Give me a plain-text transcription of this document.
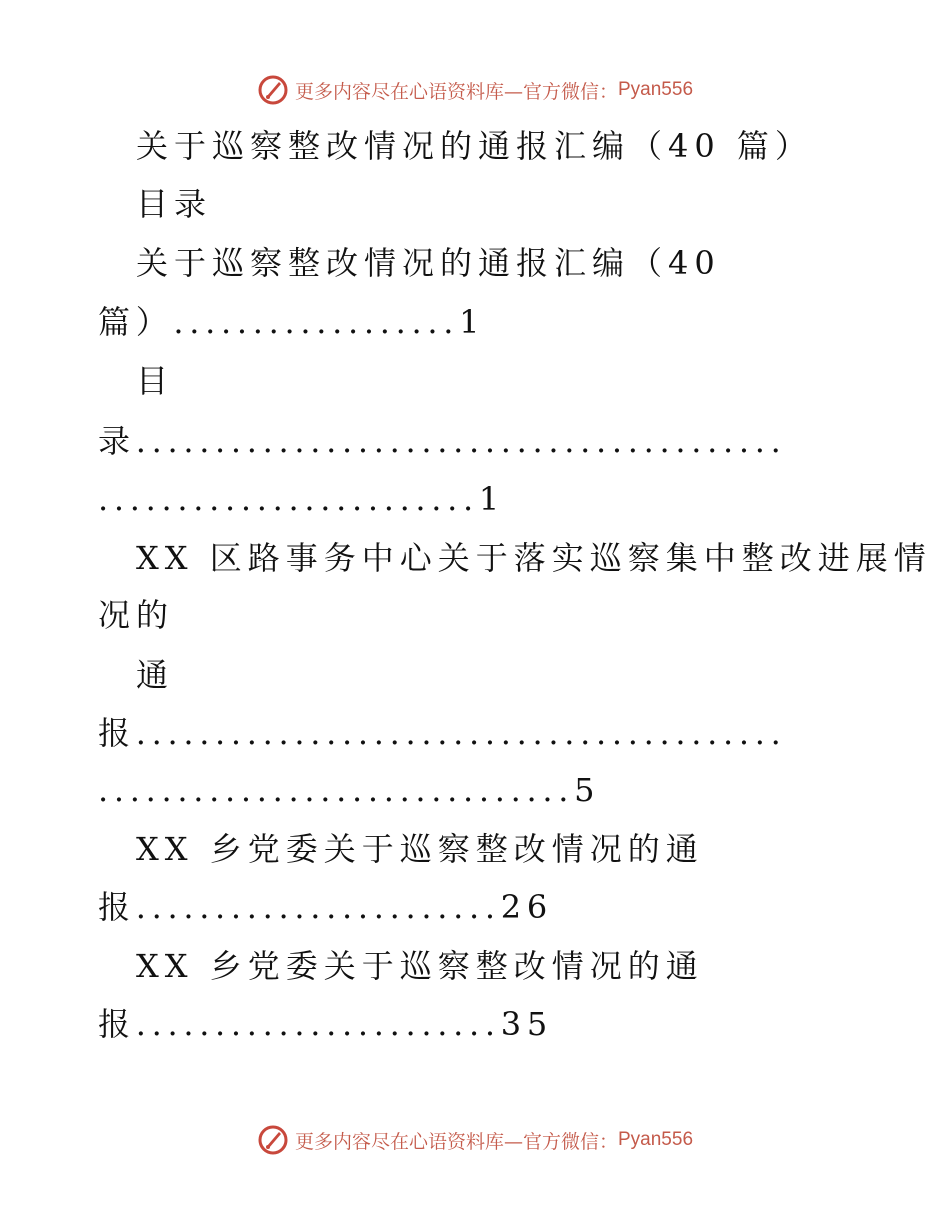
更多内容尽在心语资料库—官方微信： Pyan556
关于巡察整改情况的通报汇编（40 篇）
目录
关于巡察整改情况的通报汇编（40
篇）..................1
目
录.........................................
........................1
XX 区路事务中心关于落实巡察集中整改进展情
况的
通
报.........................................
..............................5
XX 乡党委关于巡察整改情况的通
报.......................26
XX 乡党委关于巡察整改情况的通
报.......................35
更多内容尽在心语资料库—官方微信： Pyan556
